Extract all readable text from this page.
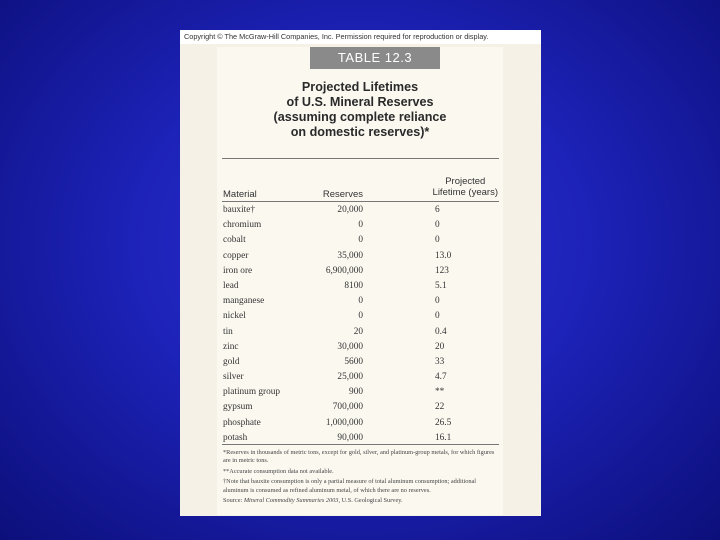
Copyright © The McGraw-Hill Companies, Inc. Permission required for reproduction or display.
TABLE 12.3
Projected Lifetimes
of U.S. Mineral Reserves
(assuming complete reliance
on domestic reserves)*
Material	Reserves
Projected
Lifetime (years)
bauxite†	20,000	6
chromium	0	0
cobalt	0	0
copper	35,000	13.0
iron ore	6,900,000	123
lead	8100	5.1
manganese	0	0
nickel	0	0
tin	20	0.4
zinc	30,000	20
gold	5600	33
silver	25,000	4.7
platinum group	900	**
gypsum	700,000	22
phosphate	1,000,000	26.5
potash	90,000	16.1

*Reserves in thousands of metric tons, except for gold, silver, and platinum-group metals, for which figures are in metric tons.

**Accurate consumption data not available.

†Note that bauxite consumption is only a partial measure of total aluminum consumption; additional aluminum is consumed as refined aluminum metal, of which there are no reserves.

Source: Mineral Commodity Summaries 2003, U.S. Geological Survey.
